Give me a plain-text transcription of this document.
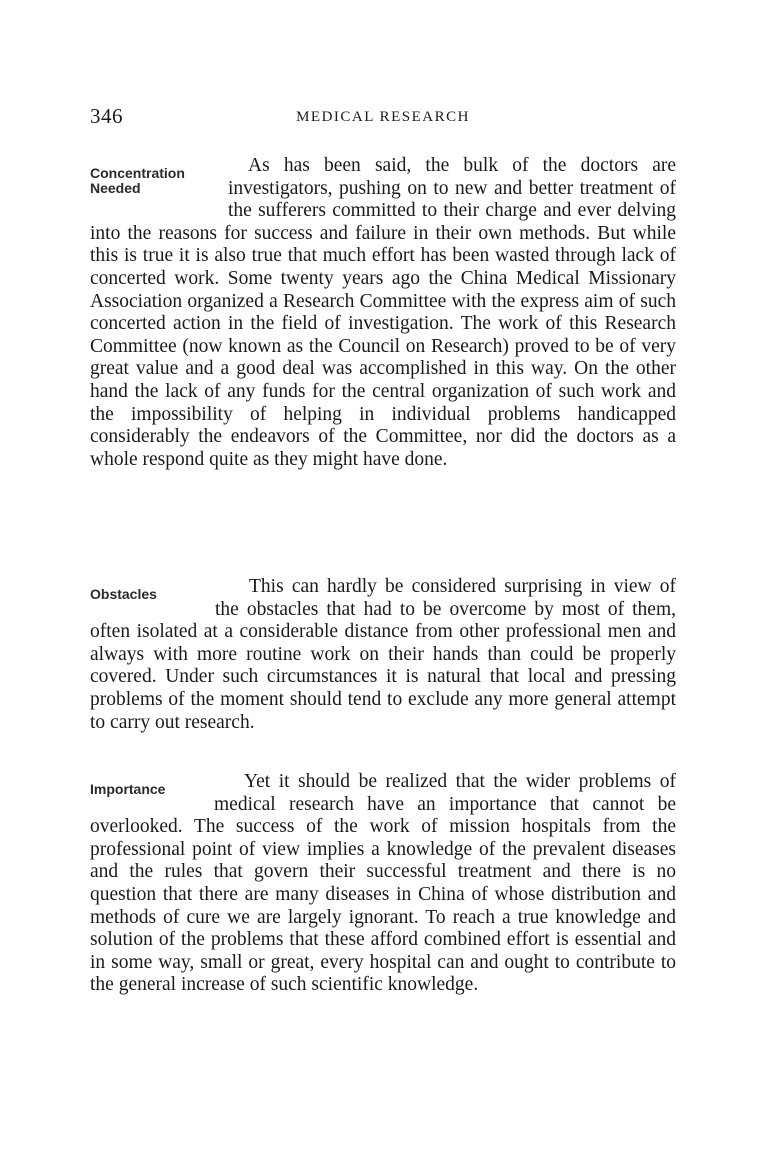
346	MEDICAL RESEARCH
Concentration Needed

As has been said, the bulk of the doctors are investigators, pushing on to new and better treatment of the sufferers committed to their charge and ever delving into the reasons for success and failure in their own methods. But while this is true it is also true that much effort has been wasted through lack of concerted work. Some twenty years ago the China Medical Missionary Association organized a Research Committee with the express aim of such concerted action in the field of investigation. The work of this Research Committee (now known as the Council on Research) proved to be of very great value and a good deal was accomplished in this way. On the other hand the lack of any funds for the central organization of such work and the impossibility of helping in individual problems handicapped considerably the endeavors of the Committee, nor did the doctors as a whole respond quite as they might have done.

Obstacles	This can hardly be considered surprising in view of the obstacles that had to be overcome by most of them, often isolated at a considerable distance from other professional men and always with more routine work on their hands than could be properly covered. Under such circumstances it is natural that local and pressing problems of the moment should tend to exclude any more general attempt to carry out research.

Importance	Yet it should be realized that the wider problems of medical research have an importance that cannot be overlooked. The success of the work of mission hospitals from the professional point of view implies a knowledge of the prevalent diseases and the rules that govern their successful treatment and there is no question that there are many diseases in China of whose distribution and methods of cure we are largely ignorant. To reach a true knowledge and solution of the problems that these afford combined effort is essential and in some way, small or great, every hospital can and ought to contribute to the general increase of such scientific knowledge.
